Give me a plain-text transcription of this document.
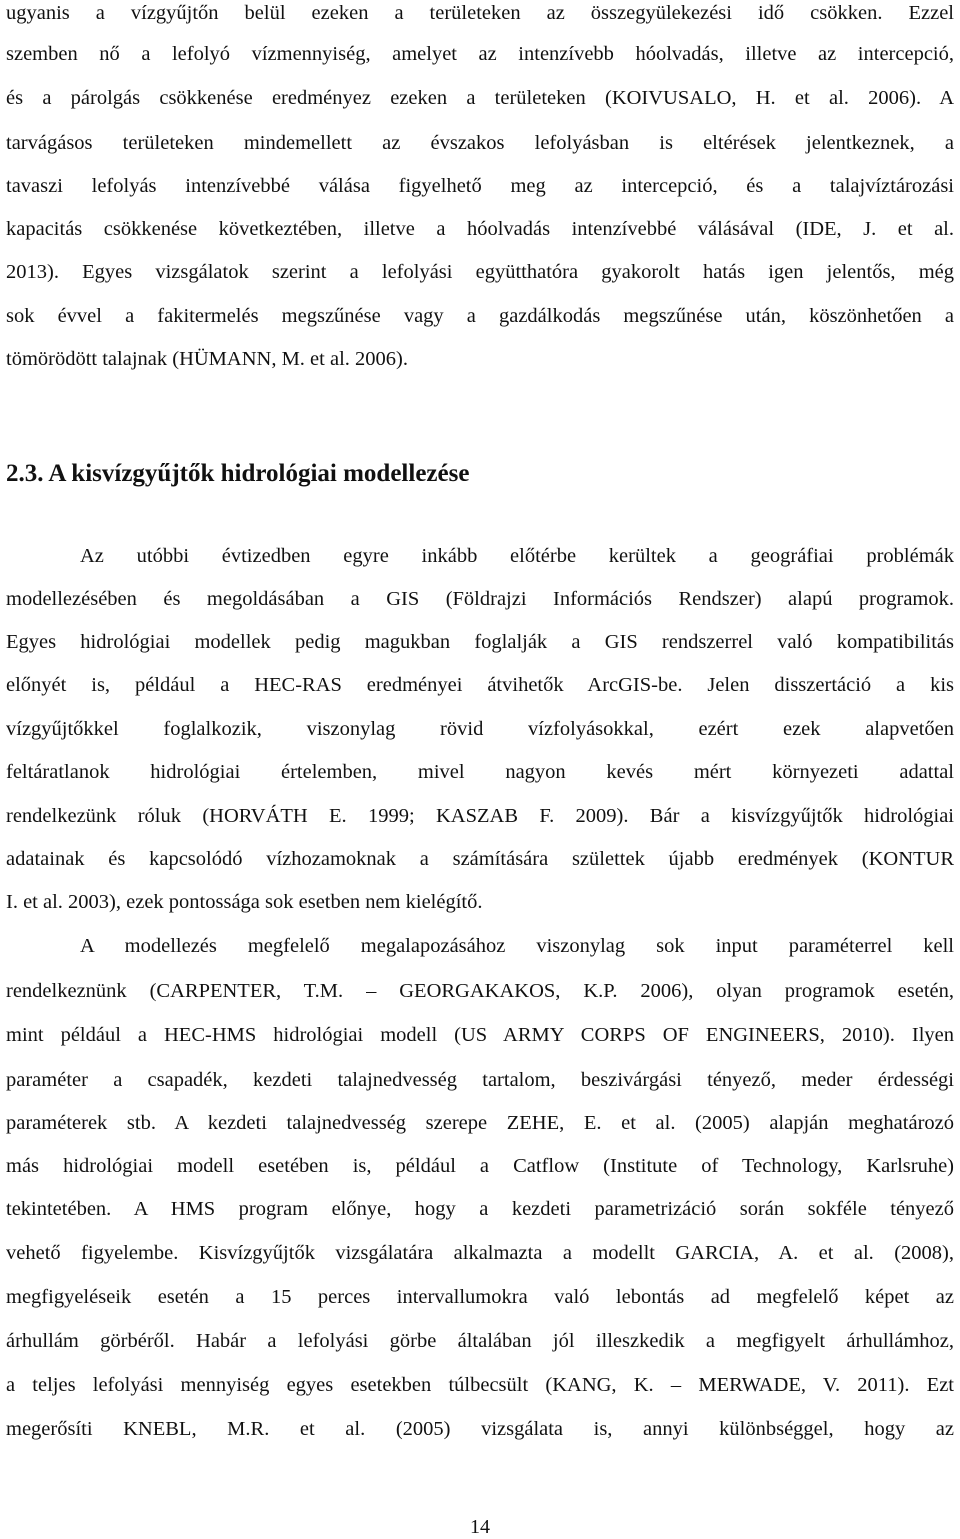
ugyanis a vízgyűjtőn belül ezeken a területeken az összegyülekezési idő csökken. Ezzel
szemben nő a lefolyó vízmennyiség, amelyet az intenzívebb hóolvadás, illetve az intercepció,
és a párolgás csökkenése eredményez ezeken a területeken (KOIVUSALO, H. et al. 2006). A
tarvágásos területeken mindemellett az évszakos lefolyásban is eltérések jelentkeznek, a
tavaszi lefolyás intenzívebbé válása figyelhető meg az intercepció, és a talajvíztározási
kapacitás csökkenése következtében, illetve a hóolvadás intenzívebbé válásával (IDE, J. et al.
2013). Egyes vizsgálatok szerint a lefolyási együtthatóra gyakorolt hatás igen jelentős, még
sok évvel a fakitermelés megszűnése vagy a gazdálkodás megszűnése után, köszönhetően a
tömörödött talajnak (HÜMANN, M. et al. 2006).
2.3. A kisvízgyűjtők hidrológiai modellezése
Az utóbbi évtizedben egyre inkább előtérbe kerültek a geográfiai problémák
modellezésében és megoldásában a GIS (Földrajzi Információs Rendszer) alapú programok.
Egyes hidrológiai modellek pedig magukban foglalják a GIS rendszerrel való kompatibilitás
előnyét is, például a HEC-RAS eredményei átvihetők ArcGIS-be. Jelen disszertáció a kis
vízgyűjtőkkel foglalkozik, viszonylag rövid vízfolyásokkal, ezért ezek alapvetően
feltáratlanok hidrológiai értelemben, mivel nagyon kevés mért környezeti adattal
rendelkezünk róluk (HORVÁTH E. 1999; KASZAB F. 2009). Bár a kisvízgyűjtők hidrológiai
adatainak és kapcsolódó vízhozamoknak a számítására születtek újabb eredmények (KONTUR
I. et al. 2003), ezek pontossága sok esetben nem kielégítő.
A modellezés megfelelő megalapozásához viszonylag sok input paraméterrel kell
rendelkeznünk (CARPENTER, T.M. – GEORGAKAKOS, K.P. 2006), olyan programok esetén,
mint például a HEC-HMS hidrológiai modell (US ARMY CORPS OF ENGINEERS, 2010). Ilyen
paraméter a csapadék, kezdeti talajnedvesség tartalom, beszivárgási tényező, meder érdességi
paraméterek stb. A kezdeti talajnedvesség szerepe ZEHE, E. et al. (2005) alapján meghatározó
más hidrológiai modell esetében is, például a Catflow (Institute of Technology, Karlsruhe)
tekintetében. A HMS program előnye, hogy a kezdeti parametrizáció során sokféle tényező
vehető figyelembe. Kisvízgyűjtők vizsgálatára alkalmazta a modellt GARCIA, A. et al. (2008),
megfigyeléseik esetén a 15 perces intervallumokra való lebontás ad megfelelő képet az
árhullám görbéről. Habár a lefolyási görbe általában jól illeszkedik a megfigyelt árhullámhoz,
a teljes lefolyási mennyiség egyes esetekben túlbecsült (KANG, K. – MERWADE, V. 2011). Ezt
megerősíti KNEBL, M.R. et al. (2005) vizsgálata is, annyi különbséggel, hogy az
14
